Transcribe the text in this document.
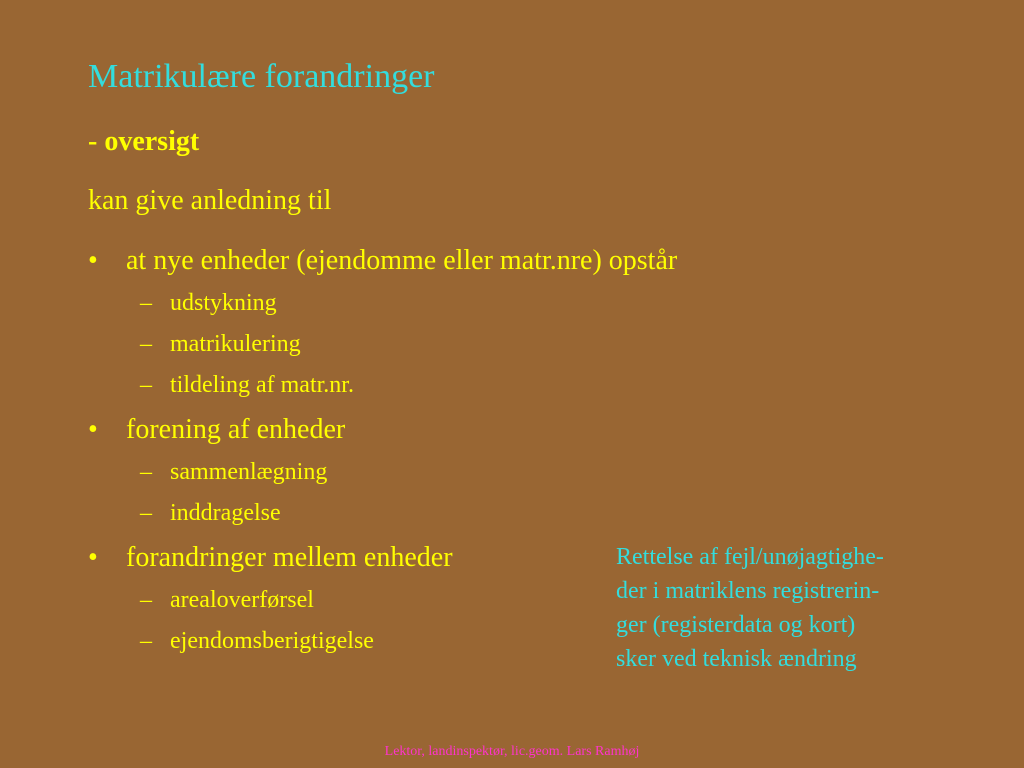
Matrikulære forandringer
- oversigt
kan give anledning til
• at nye enheder (ejendomme eller matr.nre) opstår
– udstykning
– matrikulering
– tildeling af matr.nr.
• forening af enheder
– sammenlægning
– inddragelse
• forandringer mellem enheder
– arealoverførsel
– ejendomsberigtigelse
Rettelse af fejl/unøjagtighe-
der i matriklens registrerin-
ger (registerdata og kort)
sker ved teknisk ændring
Lektor, landinspektør, lic.geom. Lars Ramhøj
